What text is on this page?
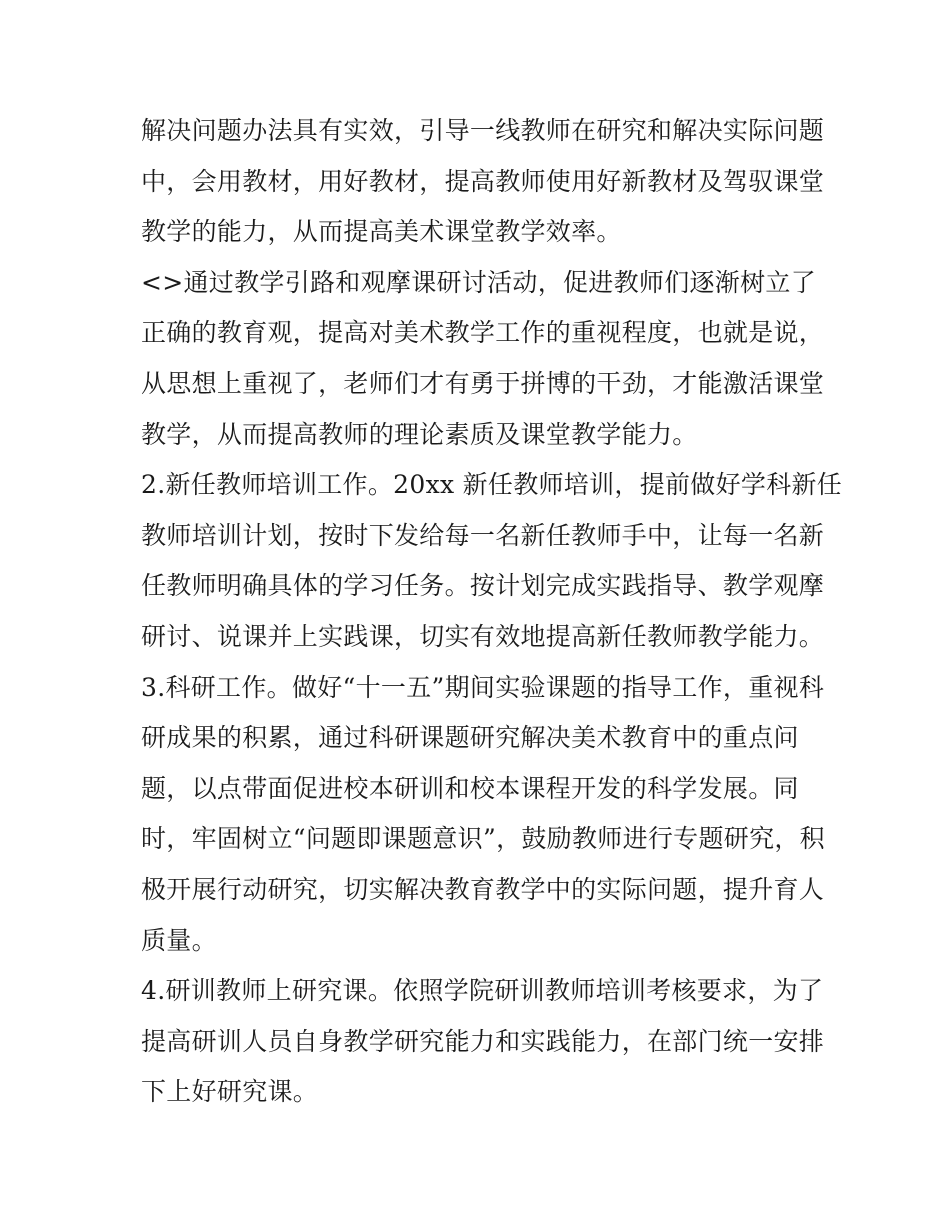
解决问题办法具有实效，引导一线教师在研究和解决实际问题
中，会用教材，用好教材，提高教师使用好新教材及驾驭课堂
教学的能力，从而提高美术课堂教学效率。
<>通过教学引路和观摩课研讨活动，促进教师们逐渐树立了
正确的教育观，提高对美术教学工作的重视程度，也就是说，
从思想上重视了，老师们才有勇于拼博的干劲，才能激活课堂
教学，从而提高教师的理论素质及课堂教学能力。
2.新任教师培训工作。20xx 新任教师培训，提前做好学科新任
教师培训计划，按时下发给每一名新任教师手中，让每一名新
任教师明确具体的学习任务。按计划完成实践指导、教学观摩
研讨、说课并上实践课，切实有效地提高新任教师教学能力。
3.科研工作。做好“十一五”期间实验课题的指导工作，重视科
研成果的积累，通过科研课题研究解决美术教育中的重点问
题，以点带面促进校本研训和校本课程开发的科学发展。同
时，牢固树立“问题即课题意识”，鼓励教师进行专题研究，积
极开展行动研究，切实解决教育教学中的实际问题，提升育人
质量。
4.研训教师上研究课。依照学院研训教师培训考核要求，为了
提高研训人员自身教学研究能力和实践能力，在部门统一安排
下上好研究课。
